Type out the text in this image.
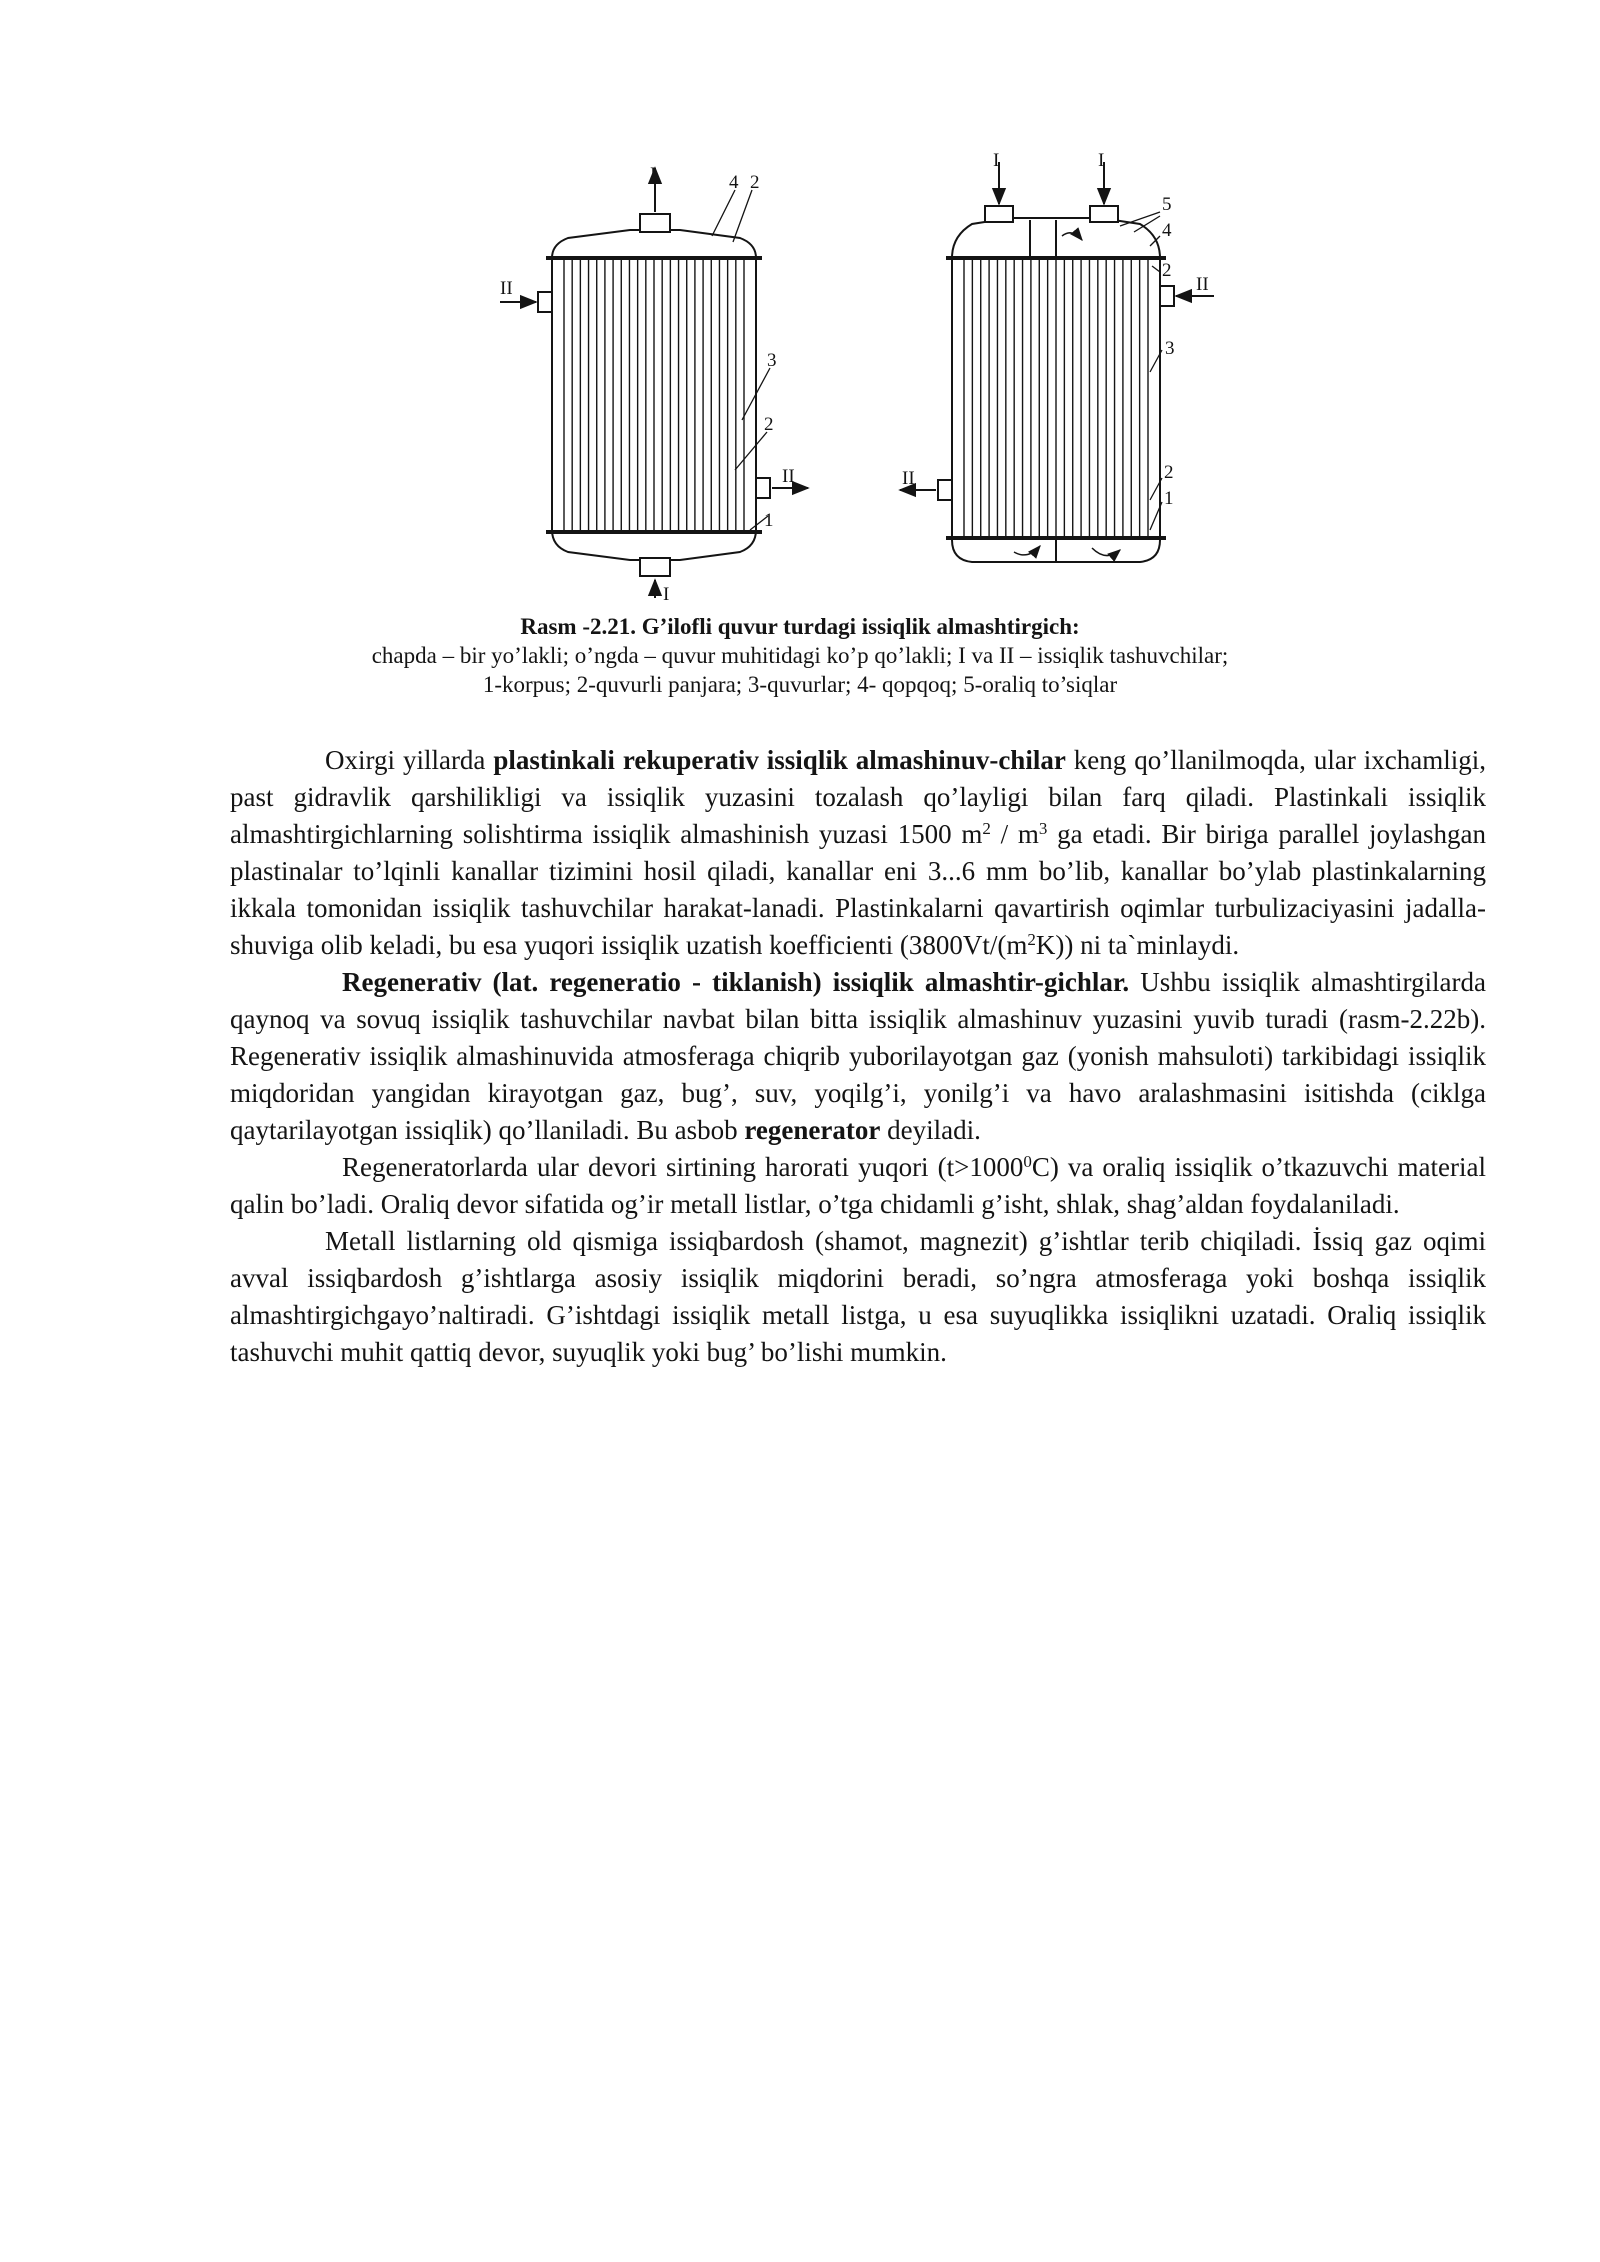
I
I
II
II
4 2
3
2
1
I	I
II
II
5
4
2
3
2
1
Rasm -2.21. G’ilofli quvur turdagi issiqlik almashtirgich:
chapda – bir yo’lakli; o’ngda – quvur muhitidagi ko’p qo’lakli; I va II – issiqlik tashuvchilar;
1-korpus; 2-quvurli panjara; 3-quvurlar; 4- qopqoq; 5-oraliq to’siqlar

Oxirgi yillarda plastinkali rekuperativ issiqlik almashinuv-chilar keng qo’llanilmoqda, ular ixchamligi, past gidravlik qarshilikligi va issiqlik yuzasini tozalash qo’layligi bilan farq qiladi. Plastinkali issiqlik almashtirgichlarning solishtirma issiqlik almashinish yuzasi 1500 $m^2 / m^3$ ga etadi. Bir biriga parallel joylashgan plastinalar to’lqinli kanallar tizimini hosil qiladi, kanallar eni 3...6 mm bo’lib, kanallar bo’ylab plastinkalarning ikkala tomonidan issiqlik tashuvchilar harakat-lanadi. Plastinkalarni qavartirish oqimlar turbulizaciyasini jadalla-shuviga olib keladi, bu esa yuqori issiqlik uzatish koefficienti $(3800Vt/(m^2K))$ ni ta`minlaydi.

Regenerativ (lat. regeneratio - tiklanish) issiqlik almashtir-gichlar. Ushbu issiqlik almashtirgilarda qaynoq va sovuq issiqlik tashuvchilar navbat bilan bitta issiqlik almashinuv yuzasini yuvib turadi (rasm-2.22b). Regenerativ issiqlik almashinuvida atmosferaga chiqrib yuborilayotgan gaz (yonish mahsuloti) tarkibidagi issiqlik miqdoridan yangidan kirayotgan gaz, bug’, suv, yoqilg’i, yonilg’i va havo aralashmasini isitishda (ciklga qaytarilayotgan issiqlik) qo’llaniladi. Bu asbob regenerator deyiladi.

Regeneratorlarda ular devori sirtining harorati yuqori $(t>1000^0C)$ va oraliq issiqlik o’tkazuvchi material qalin bo’ladi. Oraliq devor sifatida og’ir metall listlar, o’tga chidamli g’isht, shlak, shag’aldan foydalaniladi.

Metall listlarning old qismiga issiqbardosh (shamot, magnezit) g’ishtlar terib chiqiladi. İssiq gaz oqimi avval issiqbardosh g’ishtlarga asosiy issiqlik miqdorini beradi, so’ngra atmosferaga yoki boshqa issiqlik almashtirgichgayo’naltiradi. G’ishtdagi issiqlik metall listga, u esa suyuqlikka issiqlikni uzatadi. Oraliq issiqlik tashuvchi muhit qattiq devor, suyuqlik yoki bug’ bo’lishi mumkin.
